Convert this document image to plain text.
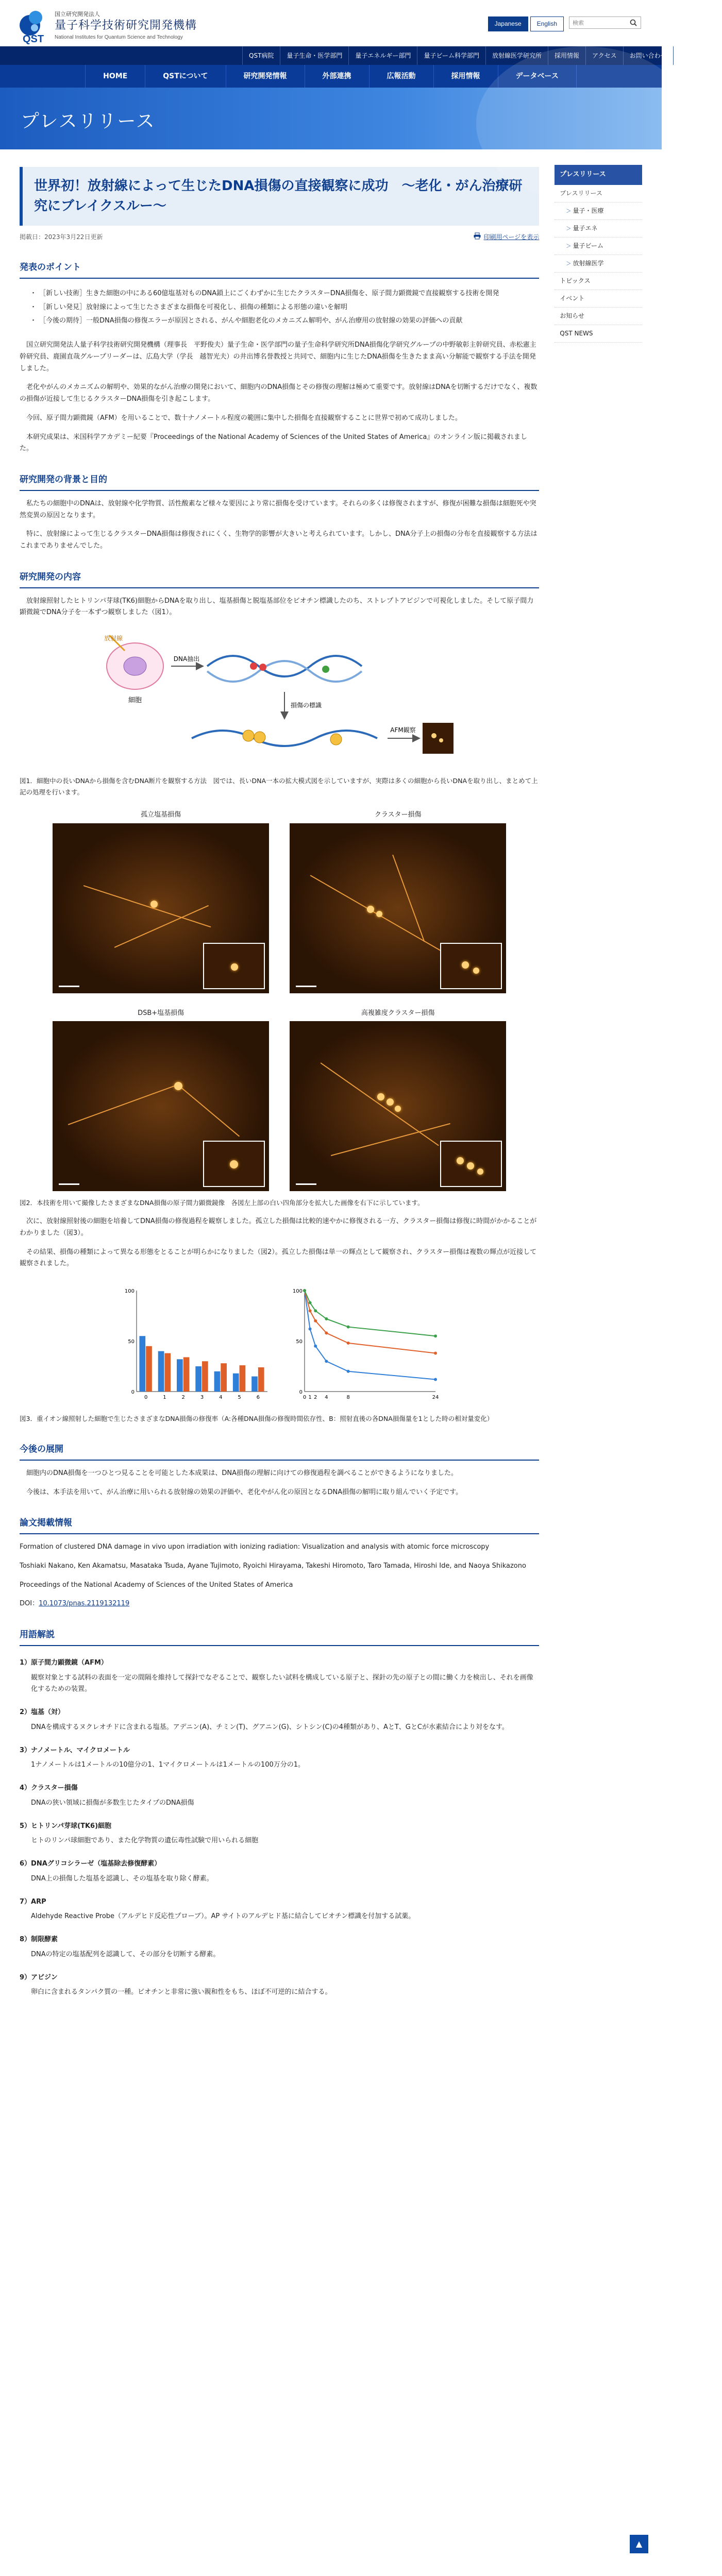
QST
国立研究開発法人
量子科学技術研究開発機構
National Institutes for Quantum Science and Technology
Japanese	English
検索
QST病院	量子生命・医学部門	量子エネルギー部門	量子ビーム科学部門	放射線医学研究所	お問い合わせ	サイトマップ
HOME	QSTについて	研究開発情報	外部連携	広報活動	採用情報
プレスリリース
世界初！放射線によって生じたDNA損傷の直接観察に成功　～老化・がん治療研究にブレイクスルー～
掲載日：2023年3月22日更新	印刷用ページを表示
発表のポイント
・ ［新しい技術］生きた細胞の中にある60億塩基対ものDNA鎖上にごくわずかに生じたクラスターDNA損傷を、原子間力顕微鏡で直接観察する技術を開発
・ ［新しい発見］放射線によって生じたさまざまな損傷を可視化し、損傷の種類による形態の違いを解明
・ ［今後の期待］一般DNA損傷の修復エラーが原因とされる、がんや細胞老化のメカニズム解明や、がん治療用の放射線の効果の評価への貢献

国立研究開発法人量子科学技術研究開発機構（理事長　平野俊夫）量子生命・医学部門の量子生命科学研究所DNA損傷化学研究グループの中野敏彰主幹研究員、赤松憲主幹研究員、鹿園直哉グループリーダーは、広島大学（学長　越智光夫）の井出博名誉教授と共同で、細胞内に生じたDNA損傷を生きたまま高い分解能で観察する手法を開発しました。

老化やがんのメカニズムの解明や、効果的ながん治療の開発において、細胞内のDNA損傷とその修復の理解は極めて重要です。放射線はDNAを切断するだけでなく、複数の損傷が近接して生じるクラスターDNA損傷を引き起こします。

今回、原子間力顕微鏡（AFM）を用いることで、数十ナノメートル程度の範囲に集中した損傷を直接観察することに世界で初めて成功しました。

本研究成果は、米国科学アカデミー紀要『Proceedings of the National Academy of Sciences of the United States of America』のオンライン版に掲載されました。

研究開発の背景と目的

私たちの細胞中のDNAは、放射線や化学物質、活性酸素など様々な要因により常に損傷を受けています。それらの多くは修復されますが、修復が困難な損傷は細胞死や突然変異の原因となります。

特に、放射線によって生じるクラスターDNA損傷は修復されにくく、生物学的影響が大きいと考えられています。しかし、DNA分子上の損傷の分布を直接観察する方法はこれまでありませんでした。

研究開発の内容

放射線照射したヒトリンパ芽球(TK6)細胞からDNAを取り出し、塩基損傷と脱塩基部位をビオチン標識したのち、ストレプトアビジンで可視化しました。そして原子間力顕微鏡でDNA分子を一本ずつ観察しました（図1）。

細胞
放射線
DNA抽出
損傷の標識
AFM観察

図1．細胞中の長いDNAから損傷を含むDNA断片を観察する方法　図では、長いDNA一本の拡大模式図を示していますが、実際は多くの細胞から長いDNAを取り出し、まとめて上記の処理を行います。

孤立塩基損傷	クラスター損傷
DSB+塩基損傷	高複雑度クラスター損傷

図2．本技術を用いて撮像したさまざまなDNA損傷の原子間力顕微鏡像　各図左上部の白い四角部分を拡大した画像を右下に示しています。

次に、放射線照射後の細胞を培養してDNA損傷の修復過程を観察しました。孤立した損傷は比較的速やかに修復される一方、クラスター損傷は修復に時間がかかることがわかりました（図3）。

その結果、損傷の種類によって異なる形態をとることが明らかになりました（図2）。孤立した損傷は単一の輝点として観察され、クラスター損傷は複数の輝点が近接して観察されました。

0
50
100
0	1	2	3	4	5	6
0
50
100
0 1 2 4	8	24

図3．重イオン線照射した細胞で生じたさまざまなDNA損傷の修復率（A:各種DNA損傷の修復時間依存性、B：照射直後の各DNA損傷量を1とした時の相対量変化）

今後の展開

細胞内のDNA損傷を一つひとつ見ることを可能とした本成果は、DNA損傷の理解に向けての修復過程を調べることができるようになりました。

今後は、本手法を用いて、がん治療に用いられる放射線の効果の評価や、老化やがん化の原因となるDNA損傷の解明に取り組んでいく予定です。

論文掲載情報

Formation of clustered DNA damage in vivo upon irradiation with ionizing radiation: Visualization and analysis with atomic force microscopy

Toshiaki Nakano, Ken Akamatsu, Masataka Tsuda, Ayane Tujimoto, Ryoichi Hirayama, Takeshi Hiromoto, Taro Tamada, Hiroshi Ide, and Naoya Shikazono

Proceedings of the National Academy of Sciences of the United States of America

DOI：10.1073/pnas.2119132119

用語解説
1）原子間力顕微鏡（AFM）
観察対象とする試料の表面を一定の間隔を維持して探針でなぞることで、観察したい試料を構成している原子と、探針の先の原子との間に働く力を検出し、それを画像化するための装置。
2）塩基（対）
DNAを構成するヌクレオチドに含まれる塩基。アデニン(A)、チミン(T)、グアニン(G)、シトシン(C)の4種類があり、AとT、GとCが水素結合により対をなす。
3）ナノメートル、マイクロメートル
1ナノメートルは1メートルの10億分の1、1マイクロメートルは1メートルの100万分の1。
4）クラスター損傷
DNAの狭い領域に損傷が多数生じたタイプのDNA損傷
5）ヒトリンパ芽球(TK6)細胞
ヒトのリンパ球細胞であり、また化学物質の遺伝毒性試験で用いられる細胞
6）DNAグリコシラーゼ（塩基除去修復酵素）
DNA上の損傷した塩基を認識し、その塩基を取り除く酵素。
7）ARP
Aldehyde Reactive Probe（アルデヒド反応性プローブ）。AP サイトのアルデヒド基に結合してビオチン標識を付加する試薬。
8）制限酵素
DNAの特定の塩基配列を認識して、その部分を切断する酵素。
9）アビジン
卵白に含まれるタンパク質の一種。ビオチンと非常に強い親和性をもち、ほぼ不可逆的に結合する。
＞ 量子・医療
＞ 量子エネ
＞ 量子ビーム
＞ 放射線医学
トピックス
イベント
お知らせ
QST NEWS
▲
